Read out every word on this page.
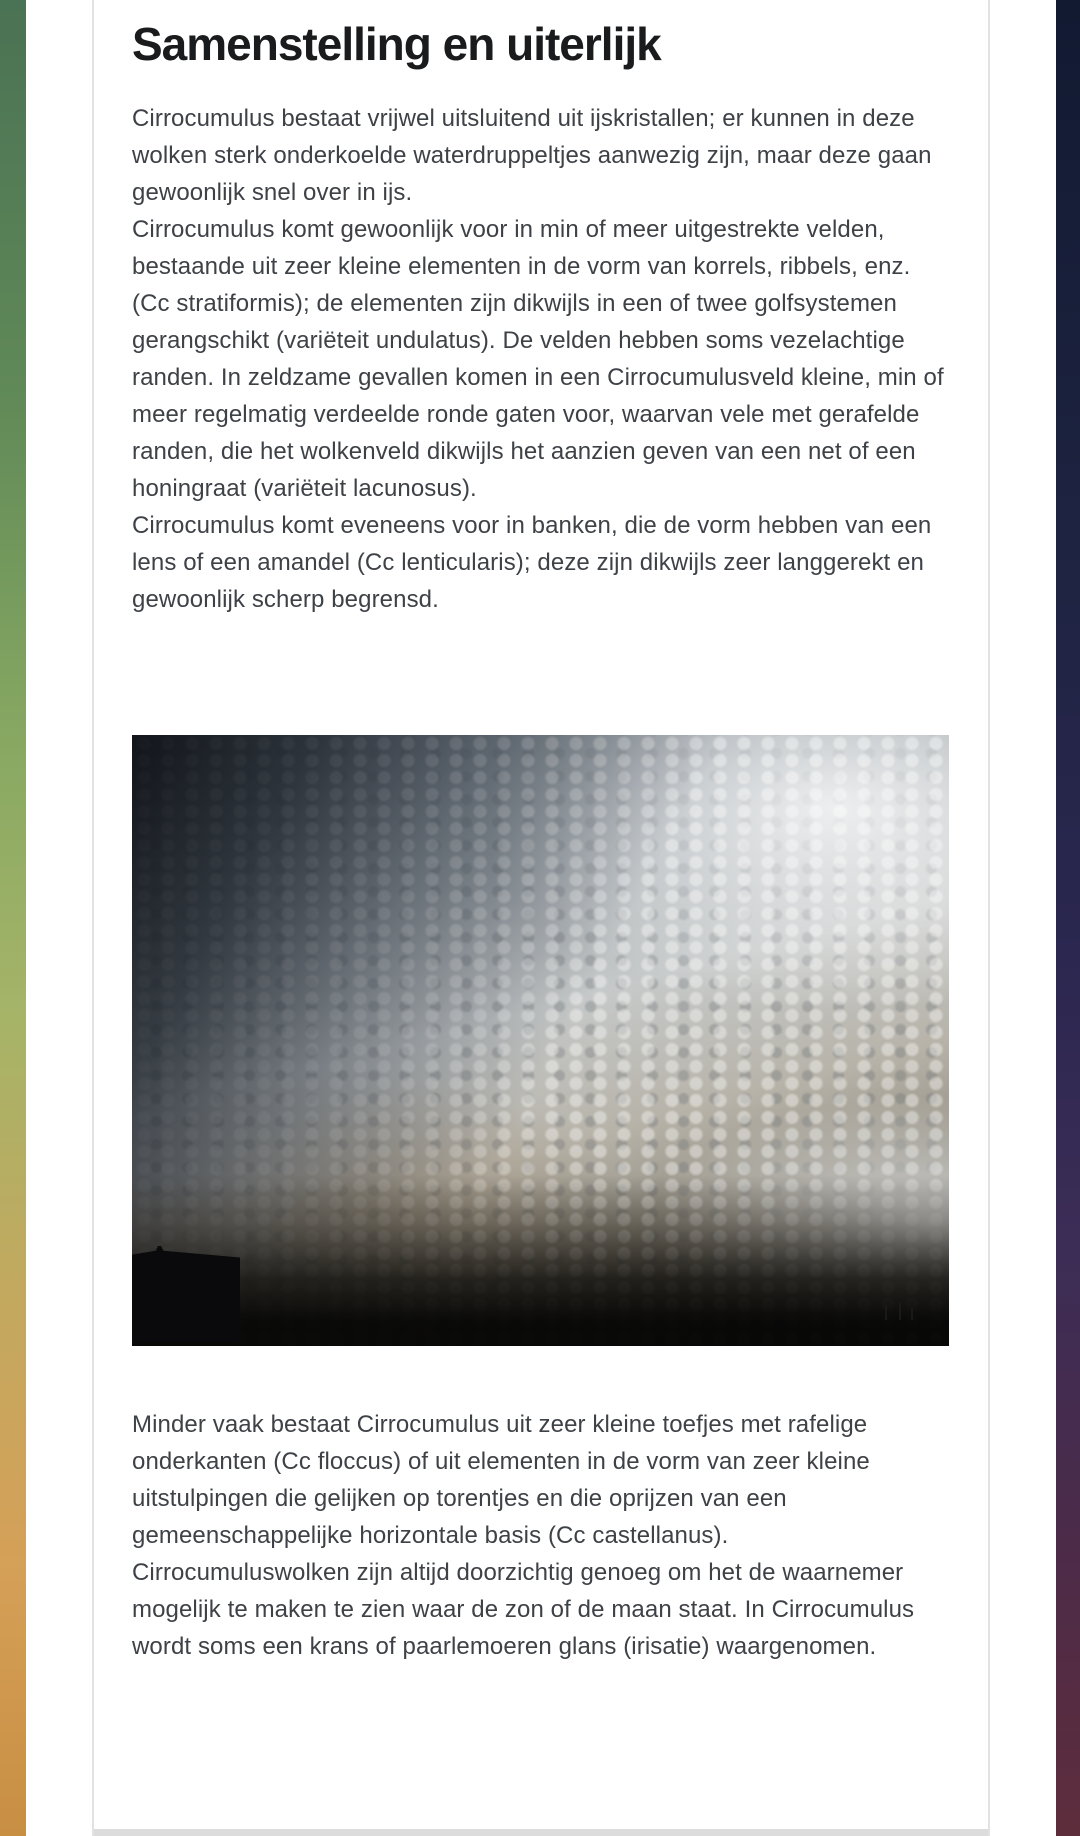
Samenstelling en uiterlijk

Cirrocumulus bestaat vrijwel uitsluitend uit ijskristallen; er kunnen in deze wolken sterk onderkoelde waterdruppeltjes aanwezig zijn, maar deze gaan gewoonlijk snel over in ijs.
Cirrocumulus komt gewoonlijk voor in min of meer uitgestrekte velden, bestaande uit zeer kleine elementen in de vorm van korrels, ribbels, enz. (Cc stratiformis); de elementen zijn dikwijls in een of twee golfsystemen gerangschikt (variëteit undulatus). De velden hebben soms vezelachtige randen. In zeldzame gevallen komen in een Cirrocumulusveld kleine, min of meer regelmatig verdeelde ronde gaten voor, waarvan vele met gerafelde randen, die het wolkenveld dikwijls het aanzien geven van een net of een honingraat (variëteit lacunosus).
Cirrocumulus komt eveneens voor in banken, die de vorm hebben van een lens of een amandel (Cc lenticularis); deze zijn dikwijls zeer langgerekt en gewoonlijk scherp begrensd.

Minder vaak bestaat Cirrocumulus uit zeer kleine toefjes met rafelige onderkanten (Cc floccus) of uit elementen in de vorm van zeer kleine uitstulpingen die gelijken op torentjes en die oprijzen van een gemeenschappelijke horizontale basis (Cc castellanus).
Cirrocumuluswolken zijn altijd doorzichtig genoeg om het de waarnemer mogelijk te maken te zien waar de zon of de maan staat. In Cirrocumulus wordt soms een krans of paarlemoeren glans (irisatie) waargenomen.
